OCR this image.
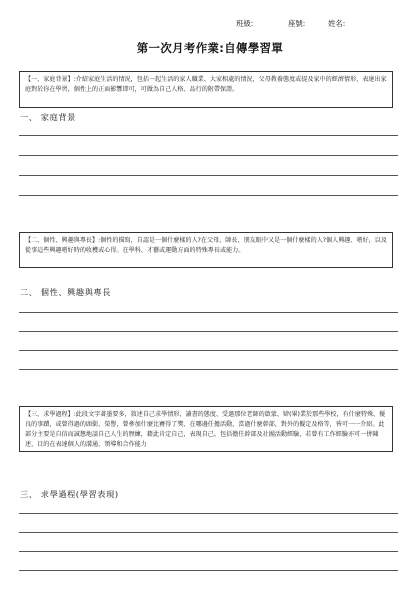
班級:	座號:	姓名:
第一次月考作業:自傳學習單
【一、家庭背景】:介紹家庭生活的情況，包括一起生活的家人職業、大家相處的情況，父母教養態度或提及家中的經濟情形，表達出家庭對於你在學習，個性上的正面影響即可，可做為自己人格、品行的附帶保證。
一、 家庭背景
【二、個性、興趣與專長】:個性的描寫，自認是一個什麼樣的人?在父母、師長、朋友眼中又是一個什麼樣的人?個人興趣、嗜好，以及從事這些興趣嗜好時的收穫或心得。在學科、才藝或運動方面的特殊專長或能力。
二、 個性、興趣與專長
【三、求學過程】:此段文字著墨要多，敘述自己求學情形、讀書的態度、受過那位老師的啟蒙、肄(畢)業於那些學校，有什麼特殊、優良的事蹟，或曾得過的頭銜、榮譽，曾參加什麼比賽得了獎、在哪邊任擔活動，當過什麼幹部，對外的擬定及格等，皆可一一介紹。此部分主要是自信而誠懇地談自己人生的歷練，藉此肯定自己，表現自己。包括擔任幹部及社團活動經驗，若曾有工作經驗亦可一併陳述，目的在表達個人的溝通、領導和合作能力
三、 求學過程(學習表現)
